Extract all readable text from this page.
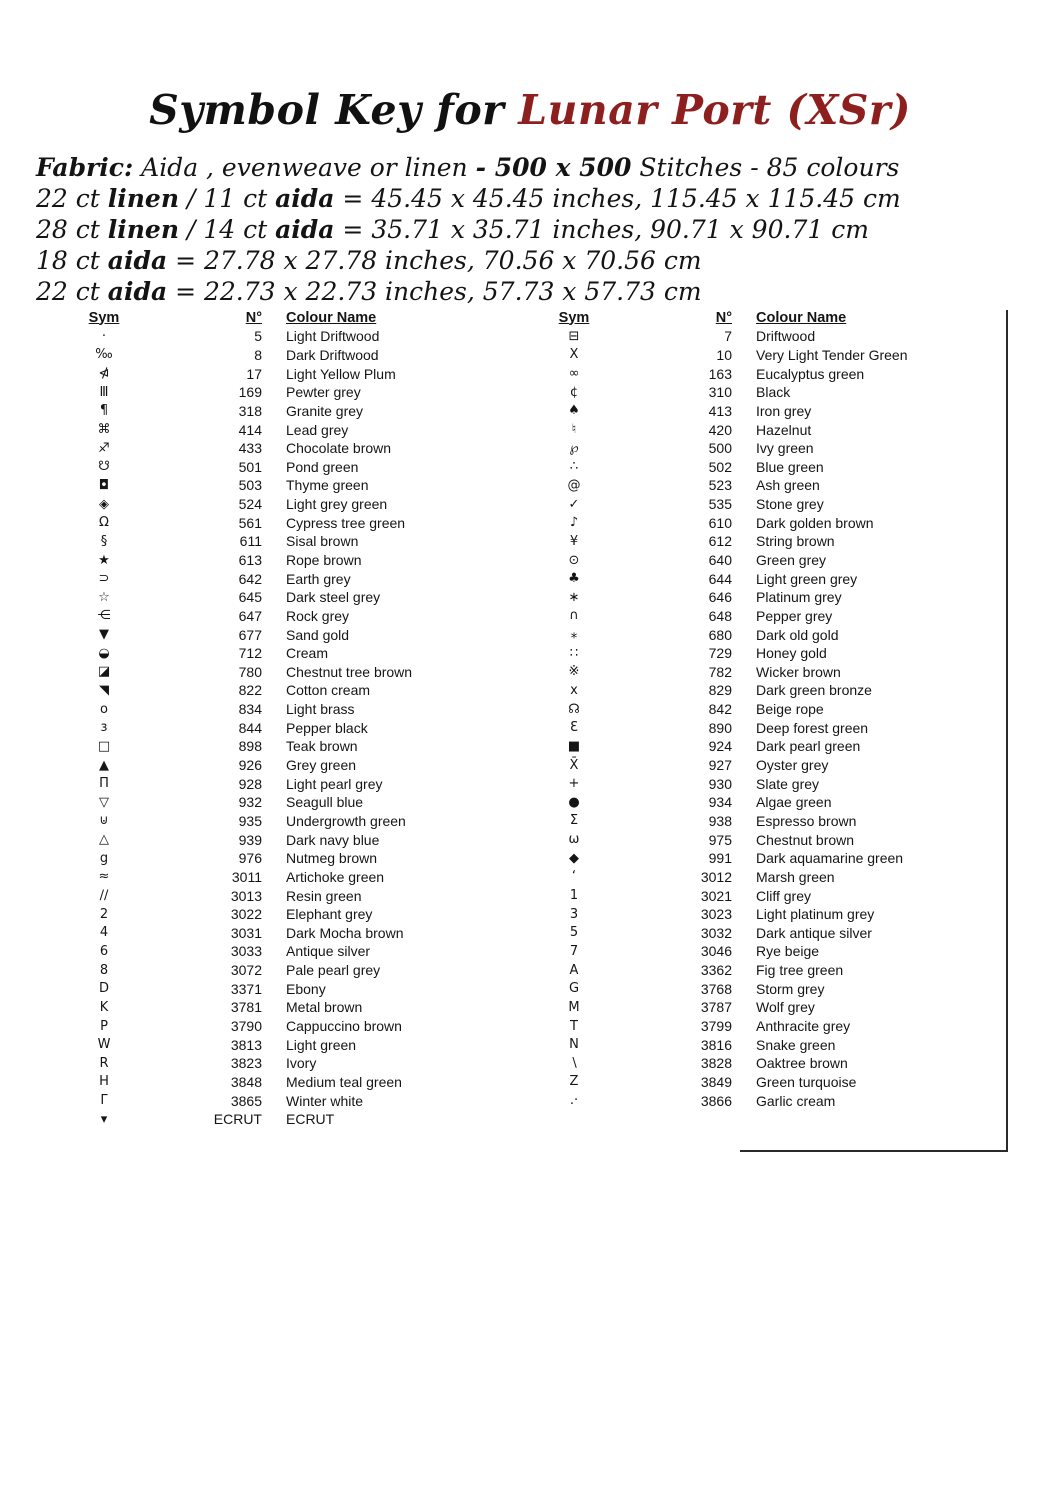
Symbol Key for Lunar Port (XSr)
Fabric: Aida , evenweave or linen - 500 x 500 Stitches - 85 colours
22 ct linen / 11 ct aida = 45.45 x 45.45 inches, 115.45 x 115.45 cm
28 ct linen / 14 ct aida = 35.71 x 35.71 inches, 90.71 x 90.71 cm
18 ct aida = 27.78 x 27.78 inches, 70.56 x 70.56 cm
22 ct aida = 22.73 x 22.73 inches, 57.73 x 57.73 cm
Sym	N°	Colour Name
·	5	Light Driftwood
‰	8	Dark Driftwood
⋪	17	Light Yellow Plum
Ⅲ	169	Pewter grey
¶	318	Granite grey
⌘	414	Lead grey
♐	433	Chocolate brown
☋	501	Pond green
◘	503	Thyme green
◈	524	Light grey green
Ω	561	Cypress tree green
§	611	Sisal brown
★	613	Rope brown
⊃	642	Earth grey
☆	645	Dark steel grey
⋲	647	Rock grey
▼	677	Sand gold
◒	712	Cream
◪	780	Chestnut tree brown
◥	822	Cotton cream
o	834	Light brass
ɜ	844	Pepper black
□	898	Teak brown
▲	926	Grey green
Π	928	Light pearl grey
▽	932	Seagull blue
⊍	935	Undergrowth green
△	939	Dark navy blue
g	976	Nutmeg brown
≈	3011	Artichoke green
∕∕	3013	Resin green
2	3022	Elephant grey
4	3031	Dark Mocha brown
6	3033	Antique silver
8	3072	Pale pearl grey
D	3371	Ebony
K	3781	Metal brown
P	3790	Cappuccino brown
W	3813	Light green
R	3823	Ivory
H	3848	Medium teal green
Γ	3865	Winter white
▾	ECRUT	ECRUT
Sym	N°	Colour Name
⊟	7	Driftwood
X	10	Very Light Tender Green
∞	163	Eucalyptus green
¢	310	Black
♠	413	Iron grey
♮	420	Hazelnut
℘	500	Ivy green
∴	502	Blue green
@	523	Ash green
✓	535	Stone grey
♪	610	Dark golden brown
¥	612	String brown
⊙	640	Green grey
♣	644	Light green grey
∗	646	Platinum grey
∩	648	Pepper grey
⁎	680	Dark old gold
∷	729	Honey gold
※	782	Wicker brown
x	829	Dark green bronze
☊	842	Beige rope
Ɛ	890	Deep forest green
■	924	Dark pearl green
X̄	927	Oyster grey
+	930	Slate grey
●	934	Algae green
Σ	938	Espresso brown
ω	975	Chestnut brown
◆	991	Dark aquamarine green
‘	3012	Marsh green
1	3021	Cliff grey
3	3023	Light platinum grey
5	3032	Dark antique silver
7	3046	Rye beige
A	3362	Fig tree green
G	3768	Storm grey
M	3787	Wolf grey
T	3799	Anthracite grey
N	3816	Snake green
∖	3828	Oaktree brown
Z	3849	Green turquoise
.·	3866	Garlic cream
